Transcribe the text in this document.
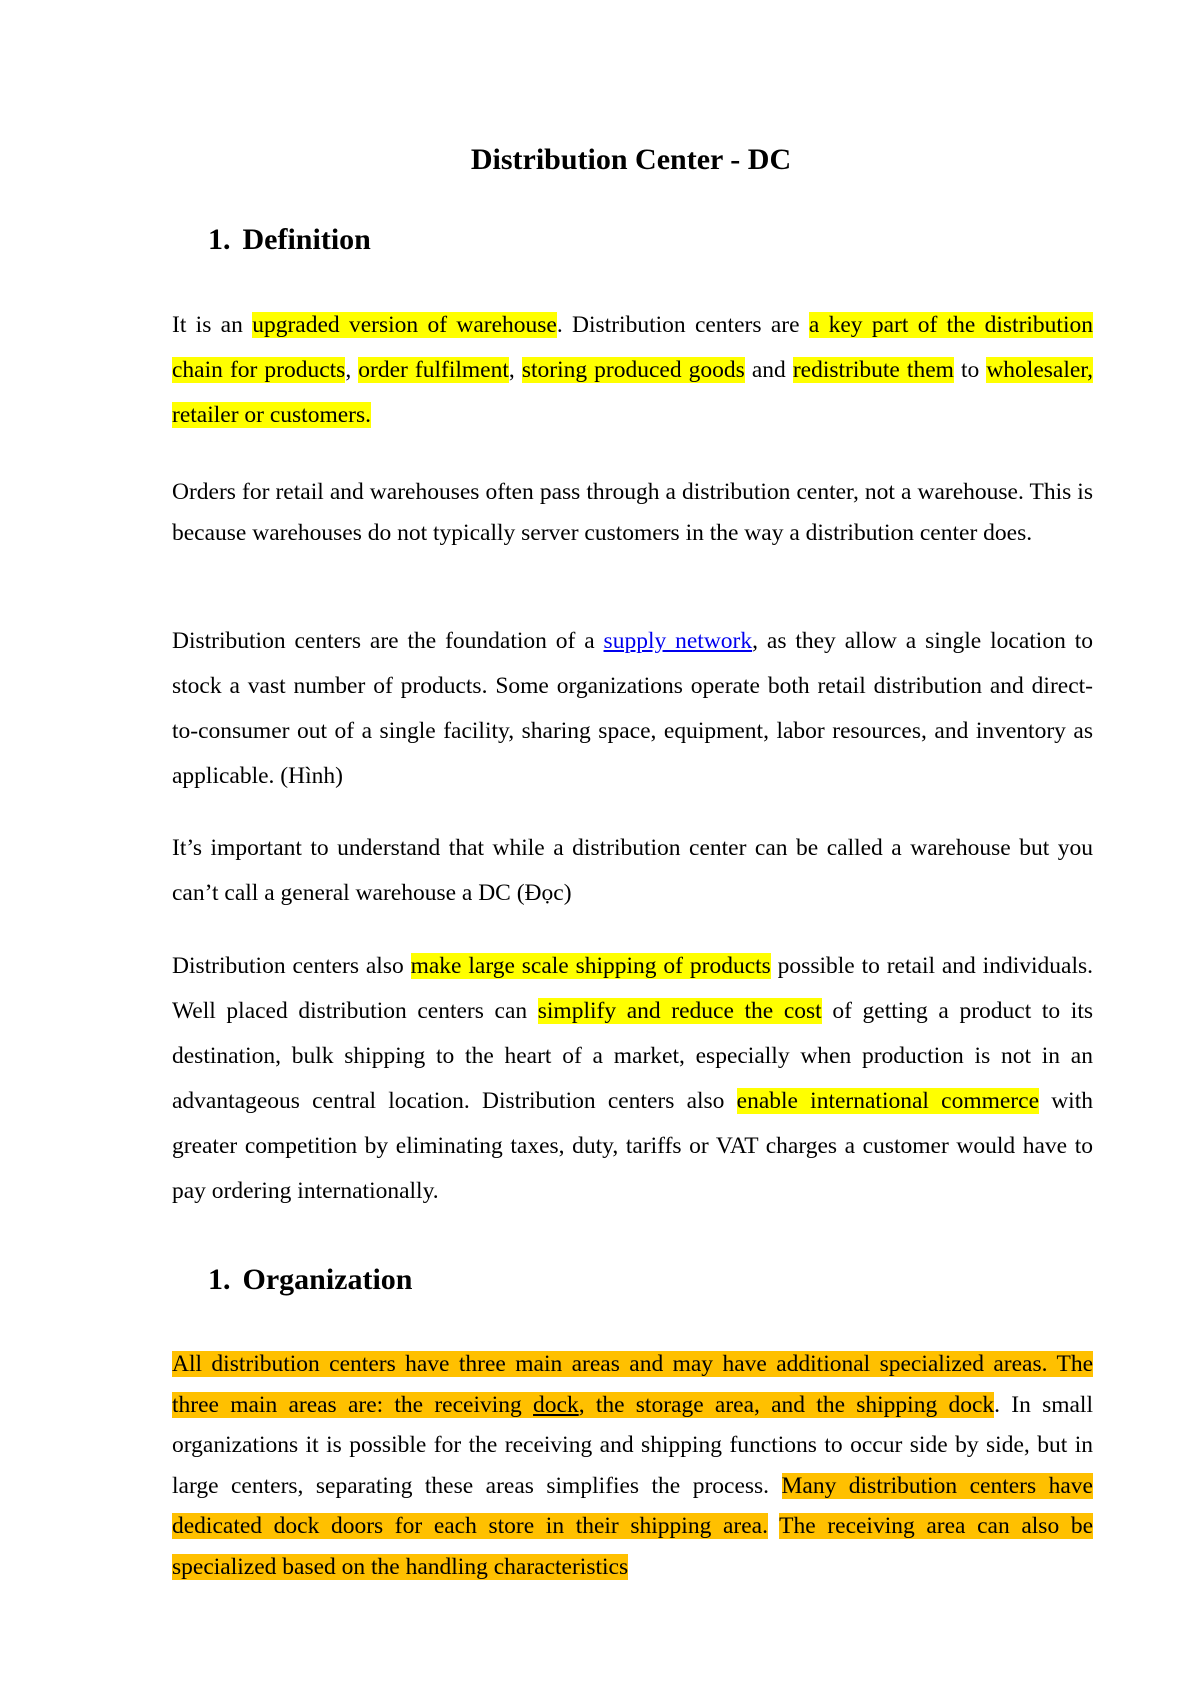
Distribution Center - DC
1. Definition

It is an upgraded version of warehouse. Distribution centers are a key part of the distribution chain for products, order fulfilment, storing produced goods and redistribute them to wholesaler, retailer or customers.

Orders for retail and warehouses often pass through a distribution center, not a warehouse. This is because warehouses do not typically server customers in the way a distribution center does.

Distribution centers are the foundation of a supply network, as they allow a single location to stock a vast number of products. Some organizations operate both retail distribution and direct-to-consumer out of a single facility, sharing space, equipment, labor resources, and inventory as applicable. (Hình)

It’s important to understand that while a distribution center can be called a warehouse but you can’t call a general warehouse a DC (Đọc)

Distribution centers also make large scale shipping of products possible to retail and individuals. Well placed distribution centers can simplify and reduce the cost of getting a product to its destination, bulk shipping to the heart of a market, especially when production is not in an advantageous central location. Distribution centers also enable international commerce with greater competition by eliminating taxes, duty, tariffs or VAT charges a customer would have to pay ordering internationally.

1. Organization

All distribution centers have three main areas and may have additional specialized areas. The three main areas are: the receiving dock, the storage area, and the shipping dock. In small organizations it is possible for the receiving and shipping functions to occur side by side, but in large centers, separating these areas simplifies the process. Many distribution centers have dedicated dock doors for each store in their shipping area. The receiving area can also be specialized based on the handling characteristics
